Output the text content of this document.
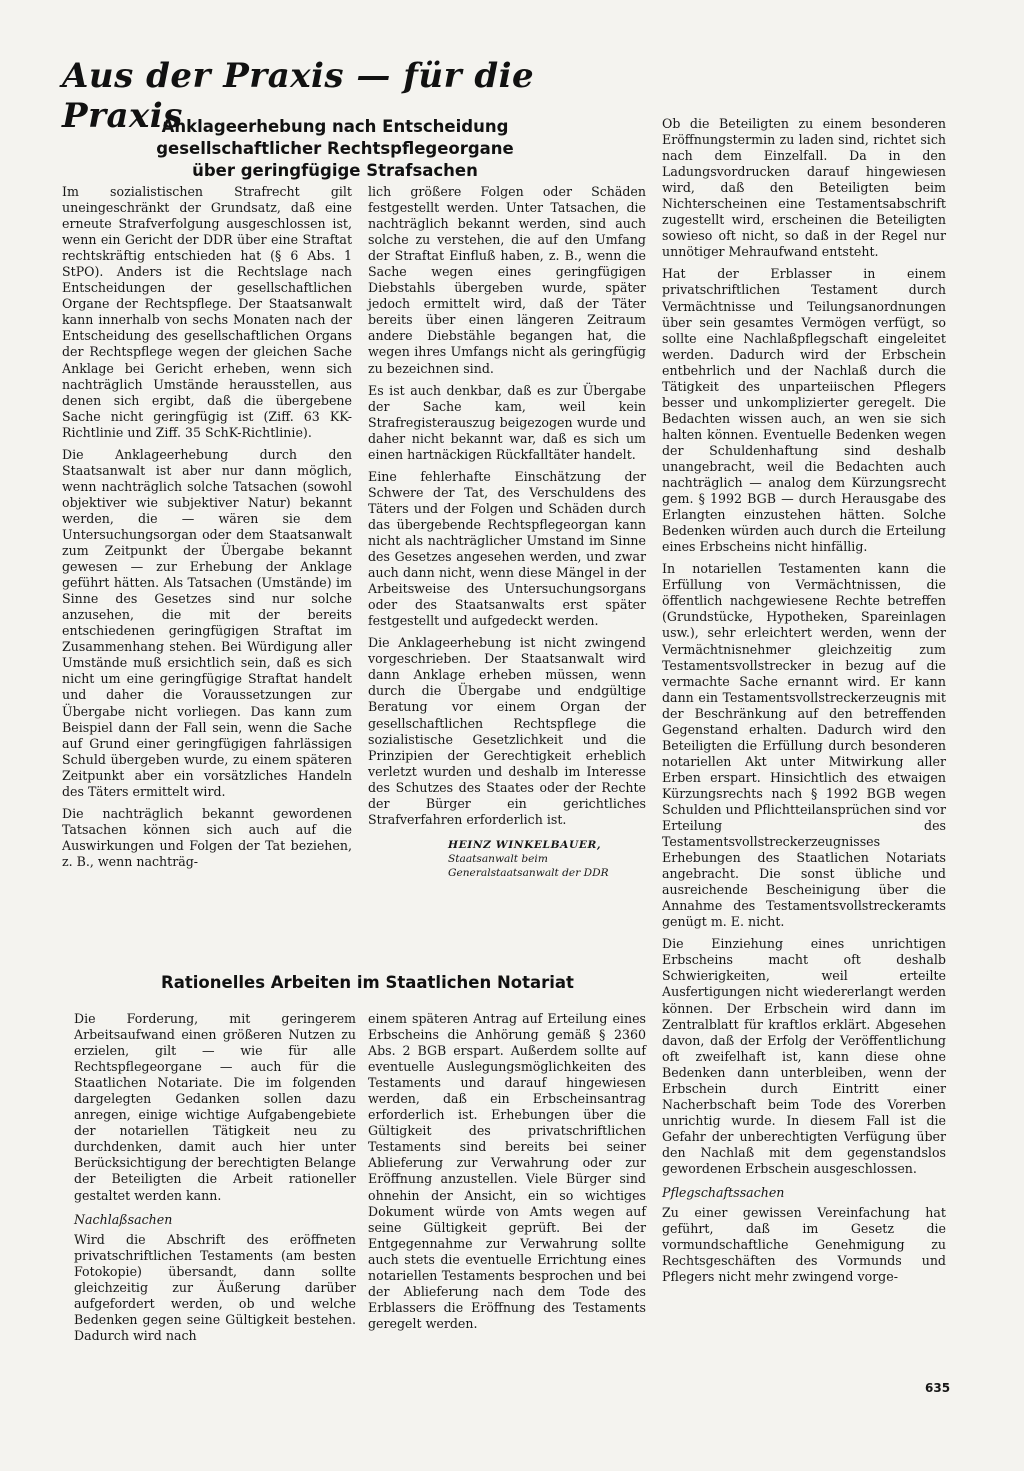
Aus der Praxis — für die Praxis
Anklageerhebung nach Entscheidung
gesellschaftlicher Rechtspflegeorgane
über geringfügige Strafsachen

Im sozialistischen Strafrecht gilt uneingeschränkt der Grundsatz, daß eine erneute Strafverfolgung ausgeschlossen ist, wenn ein Gericht der DDR über eine Straftat rechtskräftig entschieden hat (§ 6 Abs. 1 StPO). Anders ist die Rechtslage nach Entscheidungen der gesellschaftlichen Organe der Rechtspflege. Der Staatsanwalt kann innerhalb von sechs Monaten nach der Entscheidung des gesellschaftlichen Organs der Rechtspflege wegen der gleichen Sache Anklage bei Gericht erheben, wenn sich nachträglich Umstände herausstellen, aus denen sich ergibt, daß die übergebene Sache nicht geringfügig ist (Ziff. 63 KK-Richtlinie und Ziff. 35 SchK-Richtlinie).

Die Anklageerhebung durch den Staatsanwalt ist aber nur dann möglich, wenn nachträglich solche Tatsachen (sowohl objektiver wie subjektiver Natur) bekannt werden, die — wären sie dem Untersuchungsorgan oder dem Staatsanwalt zum Zeitpunkt der Übergabe bekannt gewesen — zur Erhebung der Anklage geführt hätten. Als Tatsachen (Umstände) im Sinne des Gesetzes sind nur solche anzusehen, die mit der bereits entschiedenen geringfügigen Straftat im Zusammenhang stehen. Bei Würdigung aller Umstände muß ersichtlich sein, daß es sich nicht um eine geringfügige Straftat handelt und daher die Voraussetzungen zur Übergabe nicht vorliegen. Das kann zum Beispiel dann der Fall sein, wenn die Sache auf Grund einer geringfügigen fahrlässigen Schuld übergeben wurde, zu einem späteren Zeitpunkt aber ein vorsätzliches Handeln des Täters ermittelt wird.

Die nachträglich bekannt gewordenen Tatsachen können sich auch auf die Auswirkungen und Folgen der Tat beziehen, z. B., wenn nachträg-

lich größere Folgen oder Schäden festgestellt werden. Unter Tatsachen, die nachträglich bekannt werden, sind auch solche zu verstehen, die auf den Umfang der Straftat Einfluß haben, z. B., wenn die Sache wegen eines geringfügigen Diebstahls übergeben wurde, später jedoch ermittelt wird, daß der Täter bereits über einen längeren Zeitraum andere Diebstähle begangen hat, die wegen ihres Umfangs nicht als geringfügig zu bezeichnen sind.

Es ist auch denkbar, daß es zur Übergabe der Sache kam, weil kein Strafregisterauszug beigezogen wurde und daher nicht bekannt war, daß es sich um einen hartnäckigen Rückfalltäter handelt.

Eine fehlerhafte Einschätzung der Schwere der Tat, des Verschuldens des Täters und der Folgen und Schäden durch das übergebende Rechtspflegeorgan kann nicht als nachträglicher Umstand im Sinne des Gesetzes angesehen werden, und zwar auch dann nicht, wenn diese Mängel in der Arbeitsweise des Untersuchungsorgans oder des Staatsanwalts erst später festgestellt und aufgedeckt werden.

Die Anklageerhebung ist nicht zwingend vorgeschrieben. Der Staatsanwalt wird dann Anklage erheben müssen, wenn durch die Übergabe und endgültige Beratung vor einem Organ der gesellschaftlichen Rechtspflege die sozialistische Gesetzlichkeit und die Prinzipien der Gerechtigkeit erheblich verletzt wurden und deshalb im Interesse des Schutzes des Staates oder der Rechte der Bürger ein gerichtliches Strafverfahren erforderlich ist.

HEINZ WINKELBAUER,
Staatsanwalt beim
Generalstaatsanwalt der DDR
Rationelles Arbeiten im Staatlichen Notariat

Die Forderung, mit geringerem Arbeitsaufwand einen größeren Nutzen zu erzielen, gilt — wie für alle Rechtspflegeorgane — auch für die Staatlichen Notariate. Die im folgenden dargelegten Gedanken sollen dazu anregen, einige wichtige Aufgabengebiete der notariellen Tätigkeit neu zu durchdenken, damit auch hier unter Berücksichtigung der berechtigten Belange der Beteiligten die Arbeit rationeller gestaltet werden kann.

Nachlaßsachen

Wird die Abschrift des eröffneten privatschriftlichen Testaments (am besten Fotokopie) übersandt, dann sollte gleichzeitig zur Äußerung darüber aufgefordert werden, ob und welche Bedenken gegen seine Gültigkeit bestehen. Dadurch wird nach

einem späteren Antrag auf Erteilung eines Erbscheins die Anhörung gemäß § 2360 Abs. 2 BGB erspart. Außerdem sollte auf eventuelle Auslegungsmöglichkeiten des Testaments und darauf hingewiesen werden, daß ein Erbscheinsantrag erforderlich ist. Erhebungen über die Gültigkeit des privatschriftlichen Testaments sind bereits bei seiner Ablieferung zur Verwahrung oder zur Eröffnung anzustellen. Viele Bürger sind ohnehin der Ansicht, ein so wichtiges Dokument würde von Amts wegen auf seine Gültigkeit geprüft. Bei der Entgegennahme zur Verwahrung sollte auch stets die eventuelle Errichtung eines notariellen Testaments besprochen und bei der Ablieferung nach dem Tode des Erblassers die Eröffnung des Testaments geregelt werden.

Ob die Beteiligten zu einem besonderen Eröffnungstermin zu laden sind, richtet sich nach dem Einzelfall. Da in den Ladungsvordrucken darauf hingewiesen wird, daß den Beteiligten beim Nichterscheinen eine Testamentsabschrift zugestellt wird, erscheinen die Beteiligten sowieso oft nicht, so daß in der Regel nur unnötiger Mehraufwand entsteht.

Hat der Erblasser in einem privatschriftlichen Testament durch Vermächtnisse und Teilungsanordnungen über sein gesamtes Vermögen verfügt, so sollte eine Nachlaßpflegschaft eingeleitet werden. Dadurch wird der Erbschein entbehrlich und der Nachlaß durch die Tätigkeit des unparteiischen Pflegers besser und unkomplizierter geregelt. Die Bedachten wissen auch, an wen sie sich halten können. Eventuelle Bedenken wegen der Schuldenhaftung sind deshalb unangebracht, weil die Bedachten auch nachträglich — analog dem Kürzungsrecht gem. § 1992 BGB — durch Herausgabe des Erlangten einzustehen hätten. Solche Bedenken würden auch durch die Erteilung eines Erbscheins nicht hinfällig.

In notariellen Testamenten kann die Erfüllung von Vermächtnissen, die öffentlich nachgewiesene Rechte betreffen (Grundstücke, Hypotheken, Spareinlagen usw.), sehr erleichtert werden, wenn der Vermächtnisnehmer gleichzeitig zum Testamentsvollstrecker in bezug auf die vermachte Sache ernannt wird. Er kann dann ein Testamentsvollstreckerzeugnis mit der Beschränkung auf den betreffenden Gegenstand erhalten. Dadurch wird den Beteiligten die Erfüllung durch besonderen notariellen Akt unter Mitwirkung aller Erben erspart. Hinsichtlich des etwaigen Kürzungsrechts nach § 1992 BGB wegen Schulden und Pflichtteilansprüchen sind vor Erteilung des Testamentsvollstreckerzeugnisses Erhebungen des Staatlichen Notariats angebracht. Die sonst übliche und ausreichende Bescheinigung über die Annahme des Testamentsvollstreckeramts genügt m. E. nicht.

Die Einziehung eines unrichtigen Erbscheins macht oft deshalb Schwierigkeiten, weil erteilte Ausfertigungen nicht wiedererlangt werden können. Der Erbschein wird dann im Zentralblatt für kraftlos erklärt. Abgesehen davon, daß der Erfolg der Veröffentlichung oft zweifelhaft ist, kann diese ohne Bedenken dann unterbleiben, wenn der Erbschein durch Eintritt einer Nacherbschaft beim Tode des Vorerben unrichtig wurde. In diesem Fall ist die Gefahr der unberechtigten Verfügung über den Nachlaß mit dem gegenstandslos gewordenen Erbschein ausgeschlossen.

Pflegschaftssachen

Zu einer gewissen Vereinfachung hat geführt, daß im Gesetz die vormundschaftliche Genehmigung zu Rechtsgeschäften des Vormunds und Pflegers nicht mehr zwingend vorge-

635
